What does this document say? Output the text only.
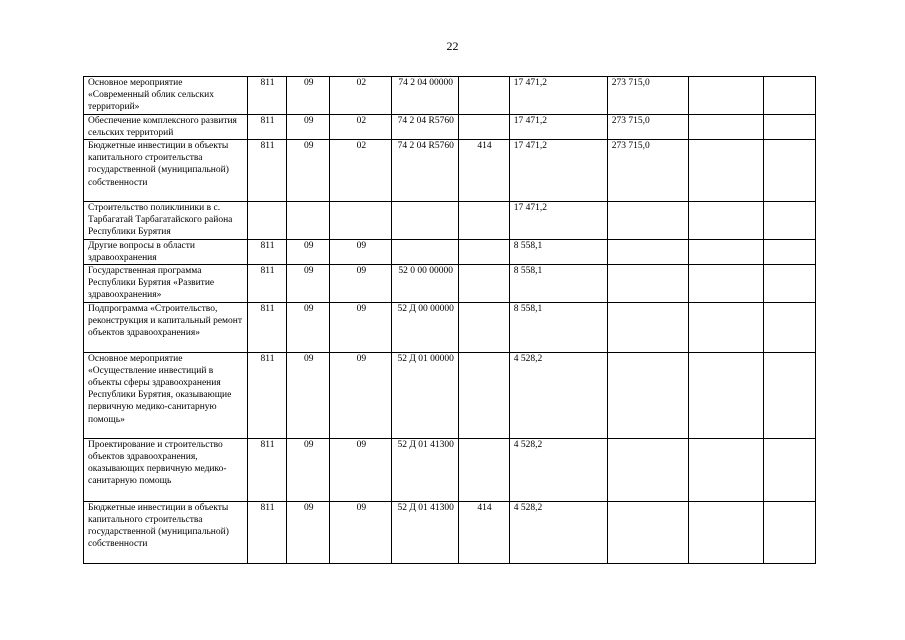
22
Основное мероприятие «Современный облик сельских территорий»	811	09	02	74 2 04 00000		17 471,2	273 715,0		
Обеспечение комплексного развития сельских территорий	811	09	02	74 2 04 R5760		17 471,2	273 715,0		
Бюджетные инвестиции в объекты капитального строительства государственной (муниципальной) собственности	811	09	02	74 2 04 R5760	414	17 471,2	273 715,0		
Строительство поликлиники в с. Тарбагатай Тарбагатайского района Республики Бурятия						17 471,2			
Другие вопросы в области здравоохранения	811	09	09			8 558,1			
Государственная программа Республики Бурятия «Развитие здравоохранения»	811	09	09	52 0 00 00000		8 558,1			
Подпрограмма «Строительство, реконструкция и капитальный ремонт объектов здравоохранения»	811	09	09	52 Д 00 00000		8 558,1			
Основное мероприятие «Осуществление инвестиций в объекты сферы здравоохранения Республики Бурятия, оказывающие первичную медико-санитарную помощь»	811	09	09	52 Д 01 00000		4 528,2			
Проектирование и строительство объектов здравоохранения, оказывающих первичную медико-санитарную помощь	811	09	09	52 Д 01 41300		4 528,2			
Бюджетные инвестиции в объекты капитального строительства государственной (муниципальной) собственности	811	09	09	52 Д 01 41300	414	4 528,2			
